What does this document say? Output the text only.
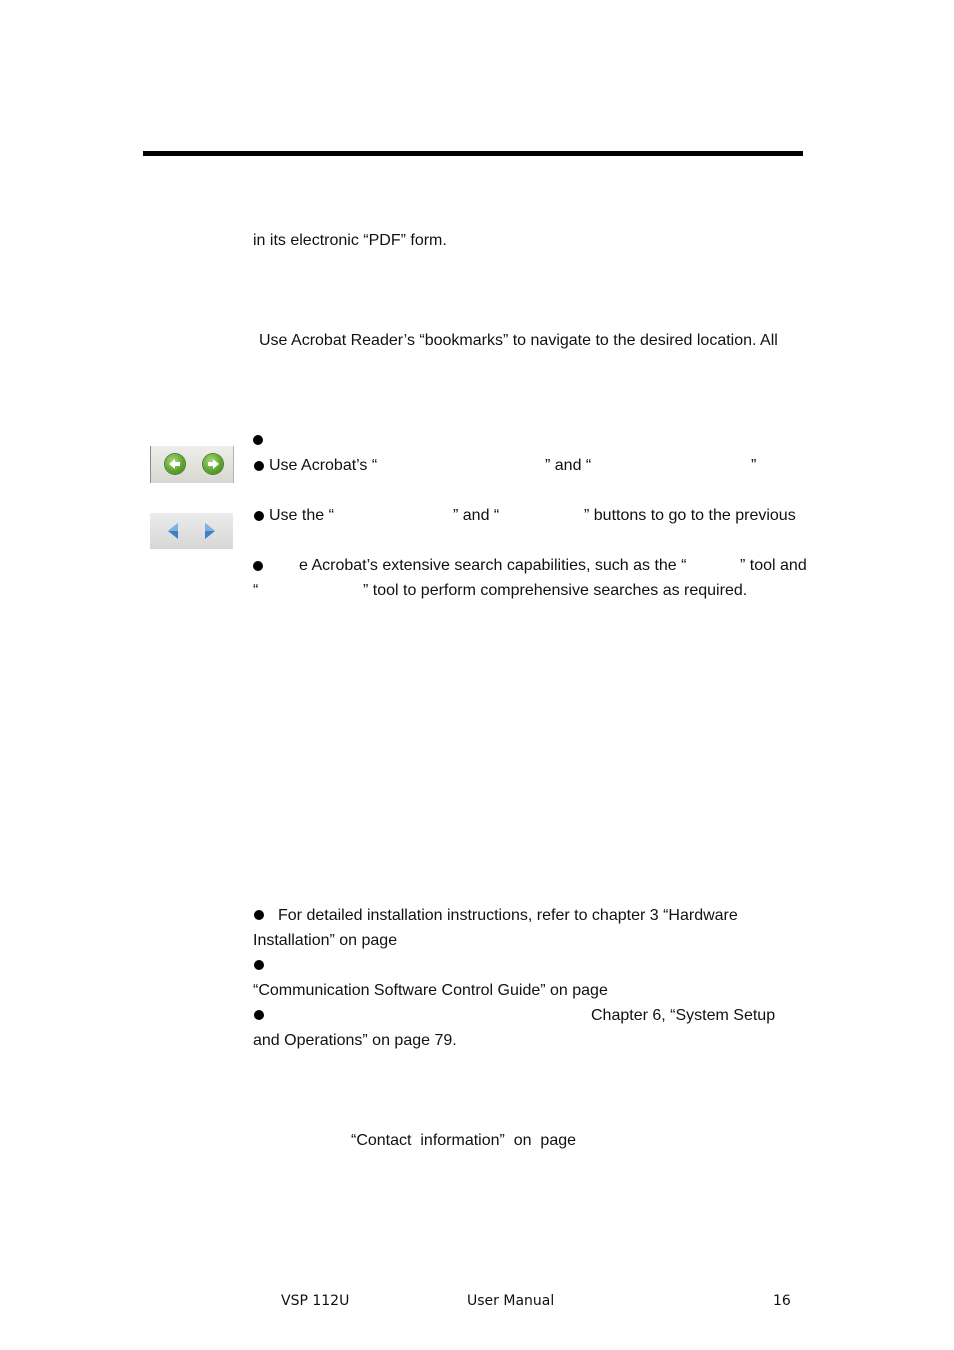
in its electronic “PDF” form.
Use Acrobat Reader’s “bookmarks” to navigate to the desired location. All
Use Acrobat’s “	” and “	”
Use the “	” and “	” buttons to go to the previous
e Acrobat’s extensive search capabilities, such as the “	” tool and
“	” tool to perform comprehensive searches as required.
For detailed installation instructions, refer to chapter 3 “Hardware
Installation” on page
“Communication Software Control Guide” on page
Chapter 6, “System Setup
and Operations” on page 79.
“Contact  information”  on  page
VSP 112U	User Manual	16
